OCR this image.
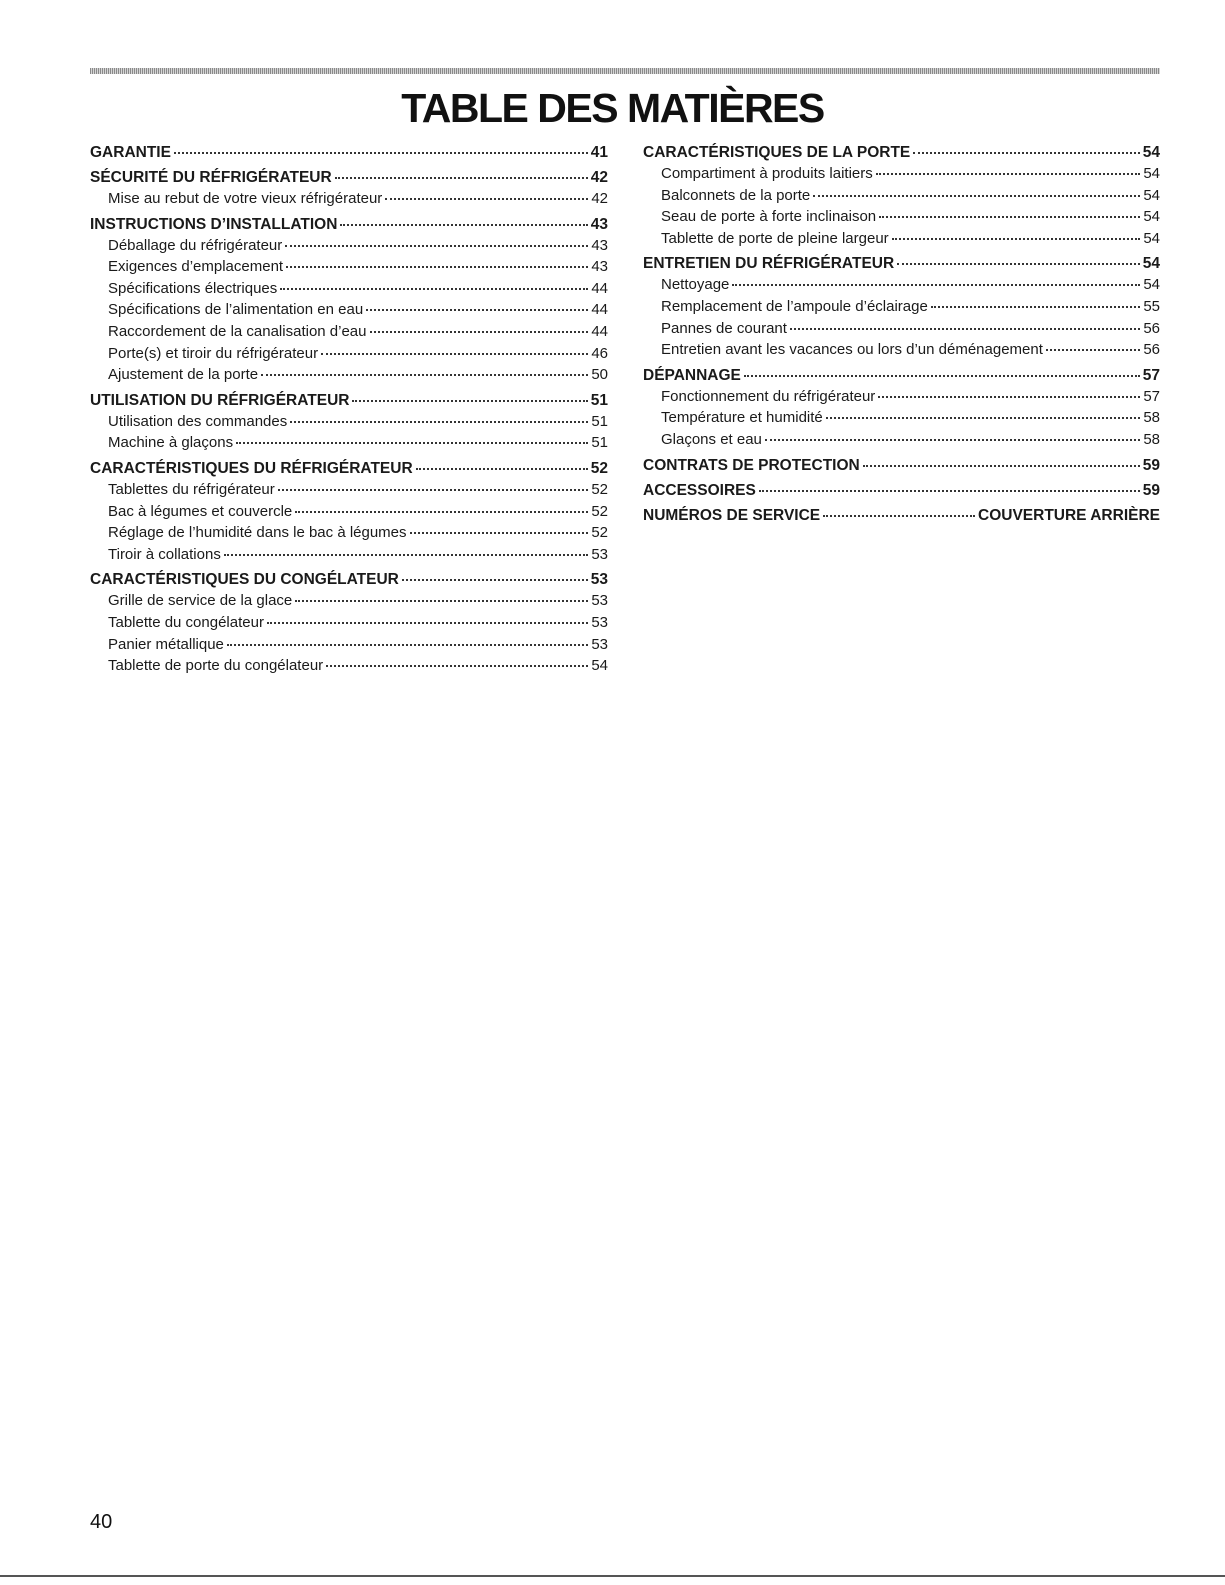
TABLE DES MATIÈRES
GARANTIE	41
SÉCURITÉ DU RÉFRIGÉRATEUR	42
Mise au rebut de votre vieux réfrigérateur	42
INSTRUCTIONS D’INSTALLATION	43
Déballage du réfrigérateur	43
Exigences d’emplacement	43
Spécifications électriques	44
Spécifications de l’alimentation en eau	44
Raccordement de la canalisation d’eau	44
Porte(s) et tiroir du réfrigérateur	46
Ajustement de la porte	50
UTILISATION DU RÉFRIGÉRATEUR	51
Utilisation des commandes	51
Machine à glaçons	51
CARACTÉRISTIQUES DU RÉFRIGÉRATEUR	52
Tablettes du réfrigérateur	52
Bac à légumes et couvercle	52
Réglage de l’humidité dans le bac à légumes	52
Tiroir à collations	53
CARACTÉRISTIQUES DU CONGÉLATEUR	53
Grille de service de la glace	53
Tablette du congélateur	53
Panier métallique	53
Tablette de porte du congélateur	54
CARACTÉRISTIQUES DE LA PORTE	54
Compartiment à produits laitiers	54
Balconnets de la porte	54
Seau de porte à forte inclinaison	54
Tablette de porte de pleine largeur	54
ENTRETIEN DU RÉFRIGÉRATEUR	54
Nettoyage	54
Remplacement de l’ampoule d’éclairage	55
Pannes de courant	56
Entretien avant les vacances ou lors d’un déménagement	56
DÉPANNAGE	57
Fonctionnement du réfrigérateur	57
Température et humidité	58
Glaçons et eau	58
CONTRATS DE PROTECTION	59
ACCESSOIRES	59
NUMÉROS DE SERVICE	COUVERTURE ARRIÈRE
40
